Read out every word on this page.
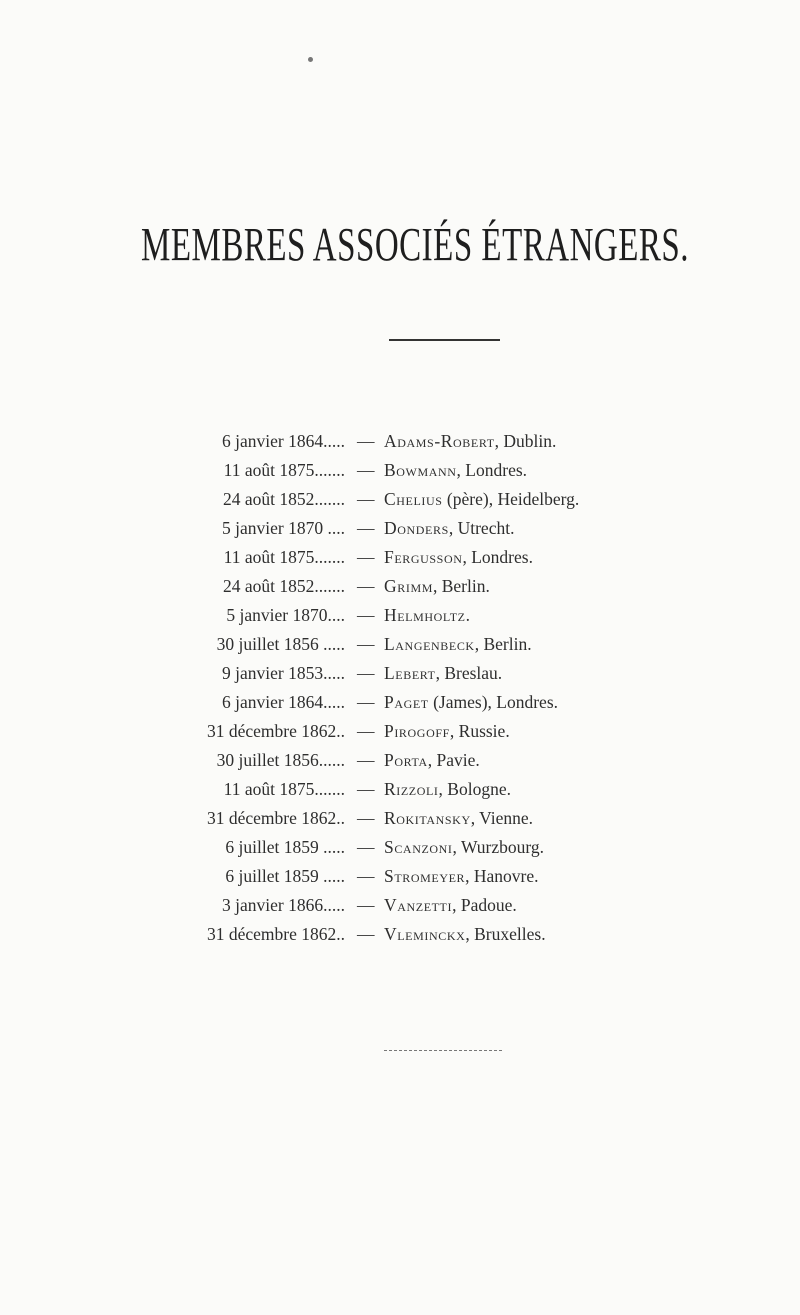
MEMBRES ASSOCIÉS ÉTRANGERS.
6 janvier 1864..... — Adams-Robert, Dublin.
11 août 1875....... — Bowmann, Londres.
24 août 1852....... — Chelius (père), Heidelberg.
5 janvier 1870 .... — Donders, Utrecht.
11 août 1875....... — Fergusson, Londres.
24 août 1852....... — Grimm, Berlin.
5 janvier 1870.... — Helmholtz.
30 juillet 1856 ..... — Langenbeck, Berlin.
9 janvier 1853..... — Lebert, Breslau.
6 janvier 1864..... — Paget (James), Londres.
31 décembre 1862.. — Pirogoff, Russie.
30 juillet 1856...... — Porta, Pavie.
11 août 1875....... — Rizzoli, Bologne.
31 décembre 1862.. — Rokitansky, Vienne.
6 juillet 1859 ..... — Scanzoni, Wurzbourg.
6 juillet 1859 ..... — Stromeyer, Hanovre.
3 janvier 1866..... — Vanzetti, Padoue.
31 décembre 1862.. — Vleminckx, Bruxelles.
